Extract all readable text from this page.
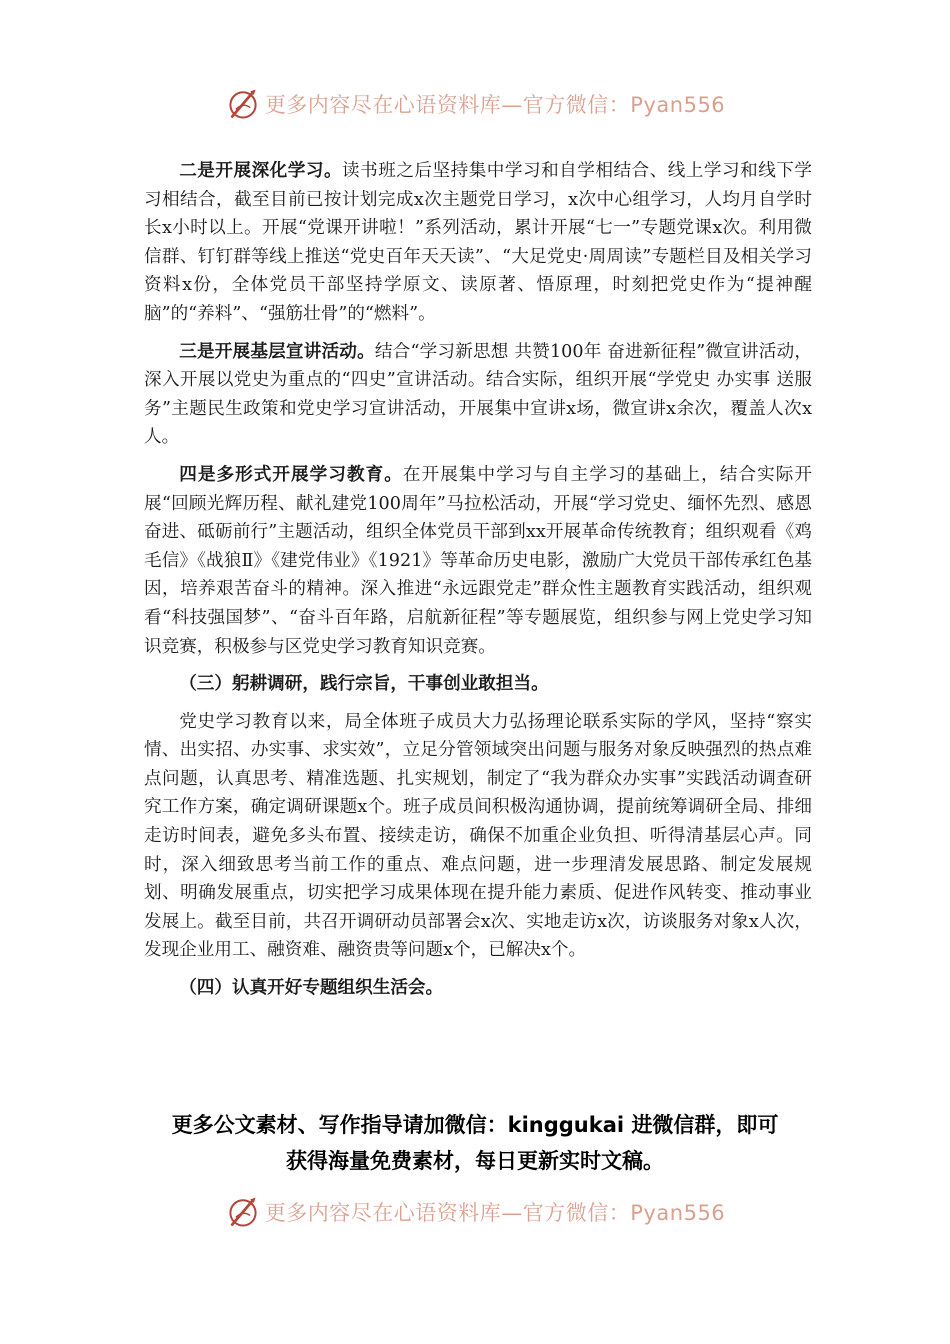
更多内容尽在心语资料库—官方微信：Pyan556

二是开展深化学习。读书班之后坚持集中学习和自学相结合、线上学习和线下学习相结合，截至目前已按计划完成x次主题党日学习，x次中心组学习，人均月自学时长x小时以上。开展“党课开讲啦！”系列活动，累计开展“七一”专题党课x次。利用微信群、钉钉群等线上推送“党史百年天天读”、“大足党史·周周读”专题栏目及相关学习资料x份，全体党员干部坚持学原文、读原著、悟原理，时刻把党史作为“提神醒脑”的“养料”、“强筋壮骨”的“燃料”。

三是开展基层宣讲活动。结合“学习新思想 共赞100年 奋进新征程”微宣讲活动，深入开展以党史为重点的“四史”宣讲活动。结合实际，组织开展“学党史 办实事 送服务”主题民生政策和党史学习宣讲活动，开展集中宣讲x场，微宣讲x余次，覆盖人次x人。

四是多形式开展学习教育。在开展集中学习与自主学习的基础上，结合实际开展“回顾光辉历程、献礼建党100周年”马拉松活动，开展“学习党史、缅怀先烈、感恩奋进、砥砺前行”主题活动，组织全体党员干部到xx开展革命传统教育；组织观看《鸡毛信》《战狼Ⅱ》《建党伟业》《1921》等革命历史电影，激励广大党员干部传承红色基因，培养艰苦奋斗的精神。深入推进“永远跟党走”群众性主题教育实践活动，组织观看“科技强国梦”、“奋斗百年路，启航新征程”等专题展览，组织参与网上党史学习知识竞赛，积极参与区党史学习教育知识竞赛。

（三）躬耕调研，践行宗旨，干事创业敢担当。

党史学习教育以来，局全体班子成员大力弘扬理论联系实际的学风，坚持“察实情、出实招、办实事、求实效”，立足分管领域突出问题与服务对象反映强烈的热点难点问题，认真思考、精准选题、扎实规划，制定了“我为群众办实事”实践活动调查研究工作方案，确定调研课题x个。班子成员间积极沟通协调，提前统筹调研全局、排细走访时间表，避免多头布置、接续走访，确保不加重企业负担、听得清基层心声。同时，深入细致思考当前工作的重点、难点问题，进一步理清发展思路、制定发展规划、明确发展重点，切实把学习成果体现在提升能力素质、促进作风转变、推动事业发展上。截至目前，共召开调研动员部署会x次、实地走访x次，访谈服务对象x人次，发现企业用工、融资难、融资贵等问题x个，已解决x个。

（四）认真开好专题组织生活会。
更多公文素材、写作指导请加微信：kinggukai 进微信群，即可
获得海量免费素材，每日更新实时文稿。
更多内容尽在心语资料库—官方微信：Pyan556
